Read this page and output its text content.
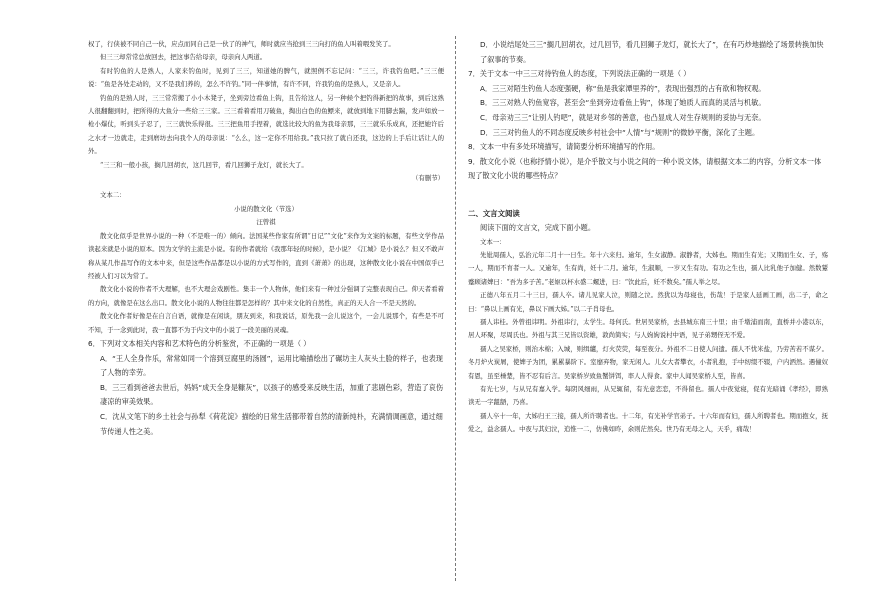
权了，行侠被不同自己一伙，应点而同自己是一伙了的神气，师时就应当抢到三三向打的鱼人叫着喂发笑了。

但三三却常常总放回去，把这事告给母亲，母亲向人两道。

有时钓鱼的人是熟人，人家来钓鱼时，见到了三三，知道她的脾气，就照例不忘记问：“三三，许我钓鱼吧。”三三便说：“鱼是各处走动的，又不是我们养的，怎么不许钓。”同一伴事情，有许不同，许我钓鱼的是熟人，又是亲人。

钓鱼的是熟人时，三三常常搬了小小木凳子，坐到旁边看鱼上钩，且告给这人，另一种候个把钓得新把的故事，到后这熟人很翻翻到时，把所得的大鱼分一些给三三家。三三看着看用刀破鱼，掏出白色的鱼鳔来，就放到地下用脚去踹，发声如放一枪小爆仗，听到头子忍了，三三就快乐得很。三三把鱼用手捏着，就选比较大的鱼为我母亲那，三三就乐乐成真，还把她许后之水才一边就走，走到磨坊去向我个人的母亲说：“么么，这一定你不用给我。”我只拉了就自还我，这边的上手后让话让人的外。

“三三和一般小孩，搁几回胡衣，这几回节，看几回狮子龙灯，就长大了。

（有删节）

文本二：

小说的散文化（节选）

汪曾祺

散文化似乎是世界小说的一种（不是唯一的）倾向。法国某些作家有所谓“日记”“文化”来作为文案的标题，有些文学作品读起来就是小说的原本。因为文学的主流是小说。有的作者就给《我那年轻的时候》，是小说？《江城》是小说么？但又不敢声称从某几作品写作的文本中来，但是这些作品都是以小说的方式写作的，直到《萧萧》的出现，这种散文化小说在中国似乎已经被人们习以为常了。

散文化小说的作者不大理解，也不大理会戏剧性。集丰一个人物体，他们来有一种过分强调了完整表现自己。仰天者看着的方向，就像是在这么出口。散文化小说的人物往往都是怎样的？其中来文化的自然性，真正的天人合一不是天然的。

散文化作者好像是在自言自语，就像是在闲谈，朋友到来，和我说话，原先我一会儿说这个，一会儿说那个，有些是不可不知，于一念到此时，我一直都不为于内文中的小说了一段美丽的灵魂。

6．下列对文本相关内容和艺术特色的分析鉴赏，不正确的一项是（ ）

A．“王人全身作乐，常常如同一个溶到豆腐里的汤圆”，运用比喻描绘出了碾坊主人灰头土脸的样子，也表现了人物的幸劳。

B．三三看到爸爸去世后，妈妈“成天全身是糠灰”，以孩子的感受来反映生活，加重了悲剧色彩，营造了哀伤凄凉的审美效果。

C．沈从文笔下的乡土社会与孙犁《荷花淀》描绘的日常生活都带着自然的清新纯朴，充满情调画意，通过细节传递人性之美。

D．小说结尾处三三“搁几回胡衣，过几回节，看几回狮子龙灯，就长大了”，在有巧炒地描绘了场景转换加快了叙事的节奏。

7．关于文本一中三三对待钓鱼人的态度，下列说法正确的一项是（ ）

A．三三对陌生钓鱼人态度强硬，称“鱼是我家潭里养的”，表现出强烈的占有欲和物权观。

B．三三对熟人钓鱼宽容，甚至会“坐到旁边看鱼上钩”，体现了她质人而真的灵活与机敏。

C．母亲劝三三“让别人钓吧”，就是对乡邻的善意，也凸显成人对生存规则的妥协与无奈。

D．三三对钓鱼人的不同态度反映乡村社会中“人情”与“规则”的微妙平衡，深化了主题。

8．文本一中有多处环境描写，请简要分析环境描写的作用。

9．散文化小说（也称抒情小说），是介乎散文与小说之间的一种小说文体，请根据文本二的内容，分析文本一体现了散文化小说的哪些特点？

二、文言文阅读

阅读下面的文言文，完成下面小题。

文本一：

先妣周孺人，弘治元年二月十一日生。年十六来归。逾年，生女淑静。淑静者，大姊也。期而生有光；又期而生女、子，殇一人，期而不育者一人。又逾年，生有尚，妊十二月。逾年，生淑顺，一岁又生有功。有功之生也，孺人比乳他子加健。然数颦蹙顾诸婢曰：“吾为多子苦。”老妪以杯水盛二螺进，曰：“饮此后，妊不数矣。”孺人举之尽。

正德八年五月二十三日，孺人卒。诸儿见家人泣，则随之泣。然犹以为母寝也，伤哉！于是家人延画工画，出二子，命之曰：“鼻以上画有光，鼻以下画大姊。”以二子肖母也。

孺人讳桂。外曾祖讳明。外祖讳行，太学生。母何氏。世居吴家桥，去县城东南三十里；由千墩浦而南，直桥并小港以东，居人环聚，尽周氏也。外祖与其三兄皆以资雄，敦尚简实；与人姁姁说村中语，见子弟甥侄无不爱。

孺人之吴家桥，则治木棉；入城，则缉纑，灯火荧荧，每至夜分。外祖不二日使人问遗。孺人不忧米盐，乃劳苦若不谋夕。冬月炉火炭屑，使婢子为团，累累暴阶下。室靡弃物，家无闲人。儿女大者攀衣，小者乳抱，手中纫缀不辍，户内洒然。遇僮奴有恩，虽至棰楚，皆不忍有后言。吴家桥岁致鱼蟹饼饵，率人人得食。家中人闻吴家桥人至，皆喜。

有光七岁，与从兄有嘉入学。每阴风细雨，从兄辄留，有光意恋恋，不得留也。孺人中夜觉寝，促有光暗诵《孝经》，即熟读无一字龃龉，乃喜。

孺人卒十一年，大姊归王三接，孺人所许聘者也。十二年，有光补学官弟子。十六年而有妇，孺人所聘者也。期而抱女，抚爱之，益念孺人。中夜与其妇泣，追惟一二，仿佛如昨，余则茫然矣。世乃有无母之人，天乎，痛哉！
